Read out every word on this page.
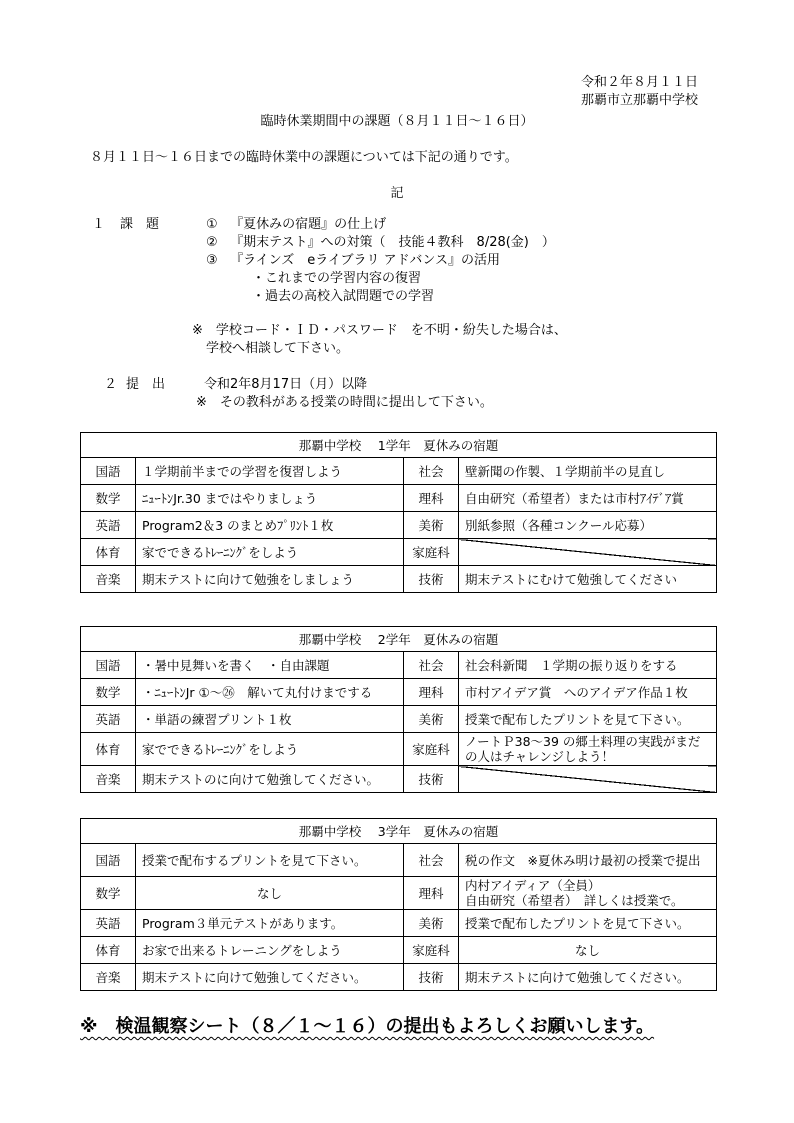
令和２年８月１１日
那覇市立那覇中学校
臨時休業期間中の課題（８月１１日～１６日）
８月１１日～１６日までの臨時休業中の課題については下記の通りです。
記
１ 課　題	① 『夏休みの宿題』の仕上げ
② 『期末テスト』への対策（　技能４教科　8/28(金)　）
③ 『ラインズ　eライブラリ アドバンス』の活用
・これまでの学習内容の復習
・過去の高校入試問題での学習
※　学校コード・ＩＤ・パスワード　を不明・紛失した場合は、
学校へ相談して下さい。
２ 提　出	令和2年8月17日（月）以降
※　その教科がある授業の時間に提出して下さい。
那覇中学校　 1学年　夏休みの宿題			
国語	１学期前半までの学習を復習しよう	社会	壁新聞の作製、１学期前半の見直し
数学	ﾆｭｰﾄﾝJr.30 まではやりましょう	理科	自由研究（希望者）または市村ｱｲﾃﾞｱ賞
英語	Program2＆3 のまとめﾌﾟﾘﾝﾄ１枚	美術	別紙参照（各種コンクール応募）
体育	家でできるﾄﾚｰﾆﾝｸﾞをしよう	家庭科	
音楽	期末テストに向けて勉強をしましょう	技術	期末テストにむけて勉強してください
那覇中学校　 2学年　夏休みの宿題			
国語	・暑中見舞いを書く　・自由課題	社会	社会科新聞　１学期の振り返りをする
数学	・ﾆｭｰﾄﾝJr ①～㉖　解いて丸付けまでする	理科	市村アイデア賞　へのアイデア作品１枚
英語	・単語の練習プリント１枚	美術	授業で配布したプリントを見て下さい。
体育	家でできるﾄﾚｰﾆﾝｸﾞをしよう	家庭科	ノートＰ38～39 の郷土料理の実践がまだの人はチャレンジしよう！
音楽	期末テストのに向けて勉強してください。	技術	
那覇中学校　 3学年　夏休みの宿題			
国語	授業で配布するプリントを見て下さい。	社会	税の作文　※夏休み明け最初の授業で提出
数学	なし	理科	内村アイディア（全員）
自由研究（希望者）　詳しくは授業で。

英語	Program３単元テストがあります。	美術	授業で配布したプリントを見て下さい。
体育	お家で出来るトレーニングをしよう	家庭科	なし
音楽	期末テストに向けて勉強してください。	技術	期末テストに向けて勉強してください。
※　検温観察シート（８／１～１６）の提出もよろしくお願いします。
